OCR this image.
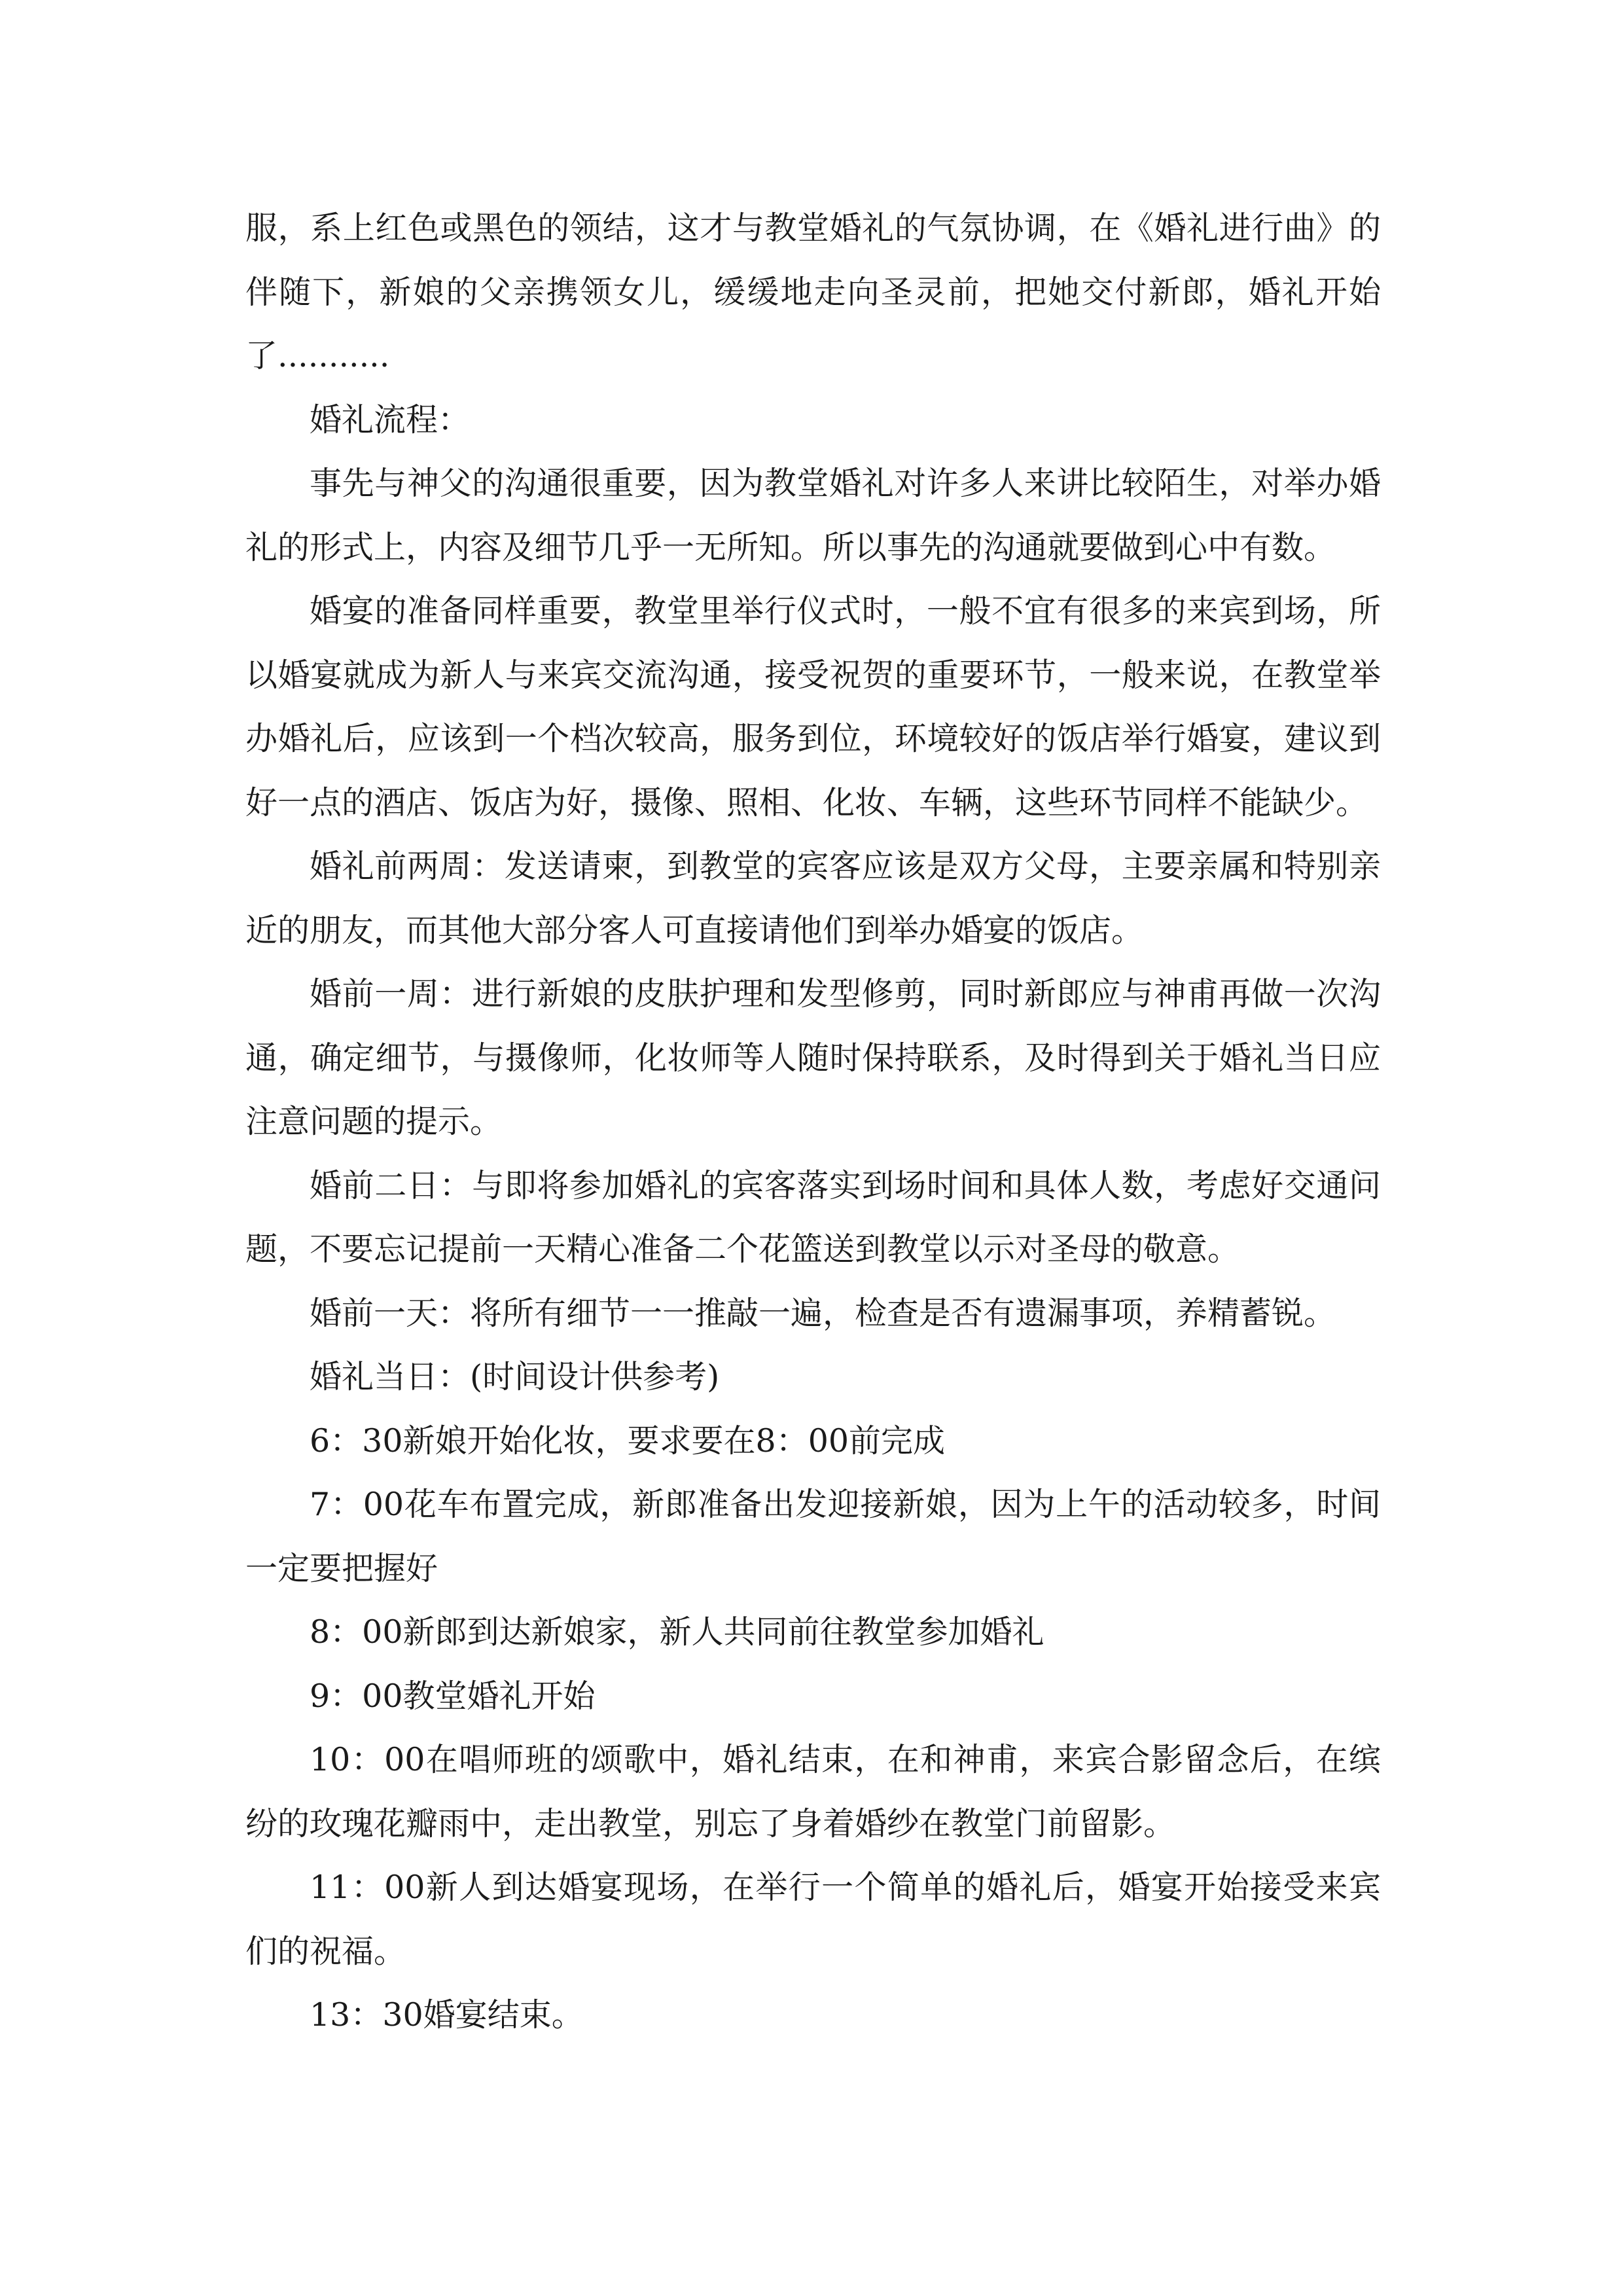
服，系上红色或黑色的领结，这才与教堂婚礼的气氛协调，在《婚礼进行曲》的伴随下，新娘的父亲携领女儿，缓缓地走向圣灵前，把她交付新郎，婚礼开始了...........

婚礼流程：

事先与神父的沟通很重要，因为教堂婚礼对许多人来讲比较陌生，对举办婚礼的形式上，内容及细节几乎一无所知。所以事先的沟通就要做到心中有数。

婚宴的准备同样重要，教堂里举行仪式时，一般不宜有很多的来宾到场，所以婚宴就成为新人与来宾交流沟通，接受祝贺的重要环节，一般来说，在教堂举办婚礼后，应该到一个档次较高，服务到位，环境较好的饭店举行婚宴，建议到好一点的酒店、饭店为好，摄像、照相、化妆、车辆，这些环节同样不能缺少。

婚礼前两周：发送请柬，到教堂的宾客应该是双方父母，主要亲属和特别亲近的朋友，而其他大部分客人可直接请他们到举办婚宴的饭店。

婚前一周：进行新娘的皮肤护理和发型修剪，同时新郎应与神甫再做一次沟通，确定细节，与摄像师，化妆师等人随时保持联系，及时得到关于婚礼当日应注意问题的提示。

婚前二日：与即将参加婚礼的宾客落实到场时间和具体人数，考虑好交通问题，不要忘记提前一天精心准备二个花篮送到教堂以示对圣母的敬意。

婚前一天：将所有细节一一推敲一遍，检查是否有遗漏事项，养精蓄锐。

婚礼当日：(时间设计供参考)

6：30新娘开始化妆，要求要在8：00前完成

7：00花车布置完成，新郎准备出发迎接新娘，因为上午的活动较多，时间一定要把握好

8：00新郎到达新娘家，新人共同前往教堂参加婚礼

9：00教堂婚礼开始

10：00在唱师班的颂歌中，婚礼结束，在和神甫，来宾合影留念后，在缤纷的玫瑰花瓣雨中，走出教堂，别忘了身着婚纱在教堂门前留影。

11：00新人到达婚宴现场，在举行一个简单的婚礼后，婚宴开始接受来宾们的祝福。

13：30婚宴结束。
